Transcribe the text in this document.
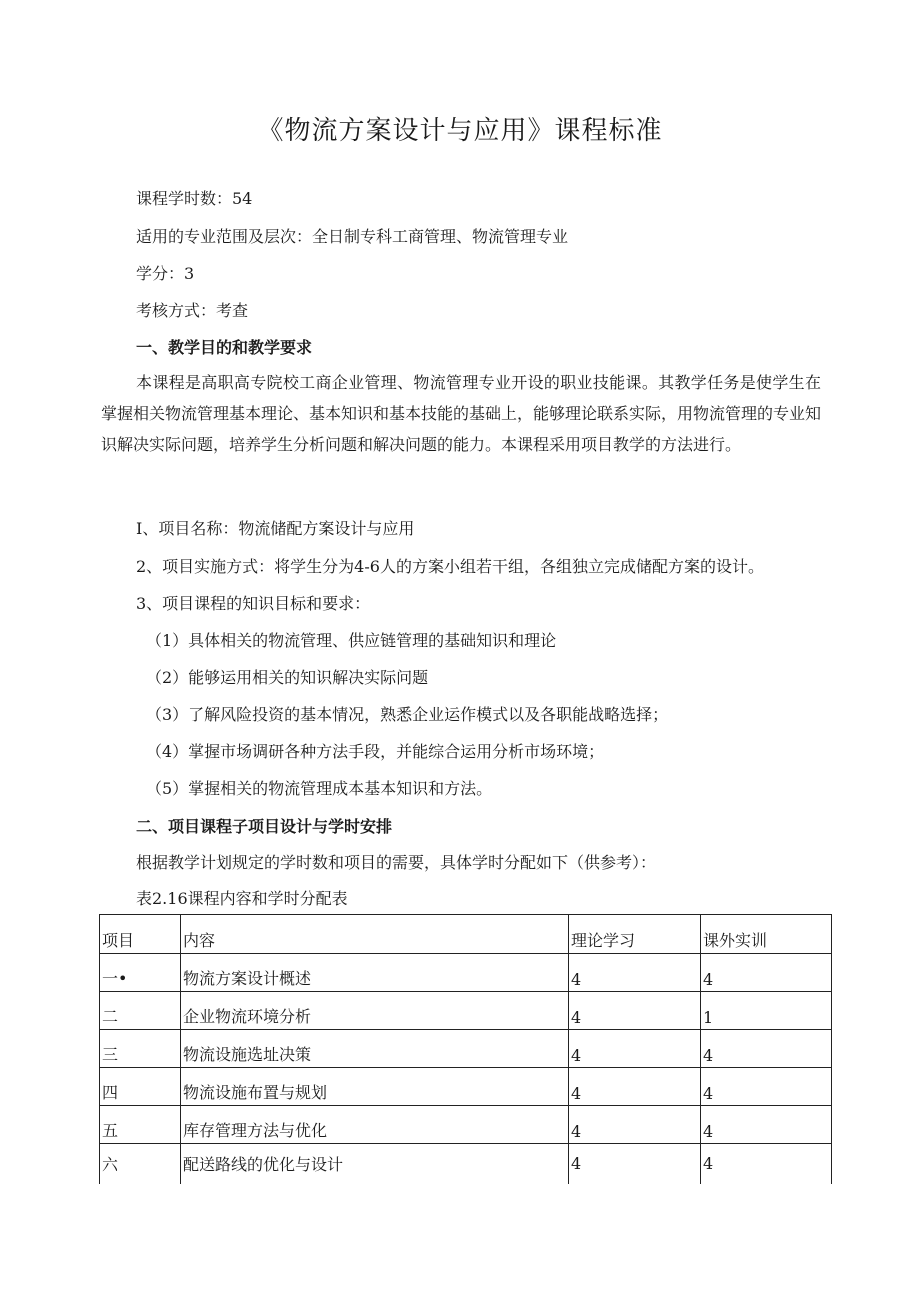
《物流方案设计与应用》课程标准
课程学时数：54
适用的专业范围及层次：全日制专科工商管理、物流管理专业
学分：3
考核方式：考查
一、教学目的和教学要求
本课程是高职高专院校工商企业管理、物流管理专业开设的职业技能课。其教学任务是使学生在掌握相关物流管理基本理论、基本知识和基本技能的基础上，能够理论联系实际，用物流管理的专业知识解决实际问题，培养学生分析问题和解决问题的能力。本课程采用项目教学的方法进行。
I、项目名称：物流储配方案设计与应用
2、项目实施方式：将学生分为4-6人的方案小组若干组，各组独立完成储配方案的设计。
3、项目课程的知识目标和要求：
（1）具体相关的物流管理、供应链管理的基础知识和理论
（2）能够运用相关的知识解决实际问题
（3）了解风险投资的基本情况，熟悉企业运作模式以及各职能战略选择；
（4）掌握市场调研各种方法手段，并能综合运用分析市场环境；
（5）掌握相关的物流管理成本基本知识和方法。
二、项目课程子项目设计与学时安排
根据教学计划规定的学时数和项目的需要，具体学时分配如下（供参考）：
表2.16课程内容和学时分配表
项目	内容	理论学习	课外实训
一•	物流方案设计概述	4	4
二	企业物流环境分析	4	1
三	物流设施选址决策	4	4
四	物流设施布置与规划	4	4
五	库存管理方法与优化	4	4
六	配送路线的优化与设计	4	4
